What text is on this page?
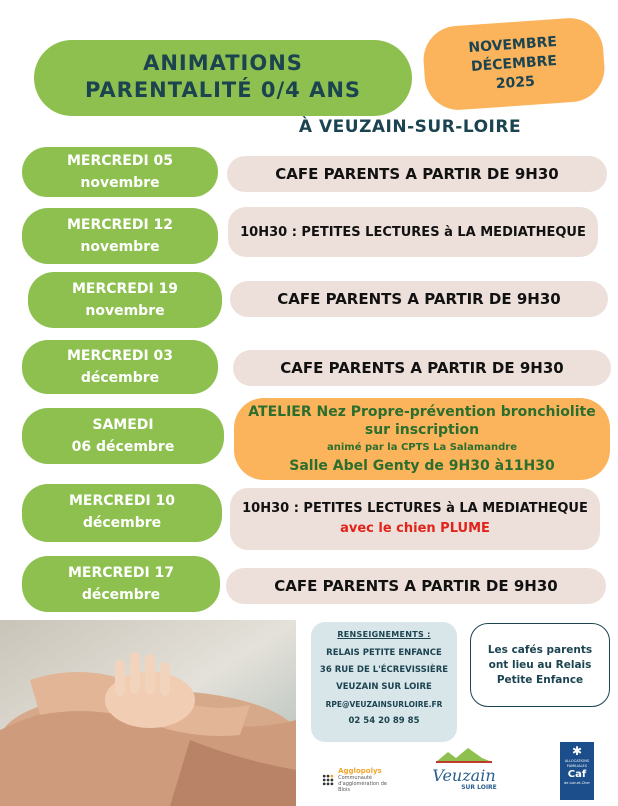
ANIMATIONS
PARENTALITÉ 0/4 ANS
NOVEMBRE
DÉCEMBRE
2025
À VEUZAIN-SUR-LOIRE
MERCREDI 05
novembre	CAFE PARENTS A PARTIR DE 9H30
MERCREDI 12
novembre
10H30 : PETITES LECTURES à LA MEDIATHEQUE
MERCREDI 19
novembre
CAFE PARENTS A PARTIR DE 9H30
MERCREDI 03
décembre
CAFE PARENTS A PARTIR DE 9H30
SAMEDI
06 décembre
ATELIER Nez Propre-prévention bronchiolite
sur inscription
animé par la CPTS La Salamandre
Salle Abel Genty de 9H30 à11H30
MERCREDI 10
décembre
10H30 : PETITES LECTURES à LA MEDIATHEQUE
avec le chien PLUME
MERCREDI 17
décembre	CAFE PARENTS A PARTIR DE 9H30
RENSEIGNEMENTS :
RELAIS PETITE ENFANCE
36 RUE DE L'ÉCREVISSIÈRE
VEUZAIN SUR LOIRE
RPE@VEUZAINSURLOIRE.FR
02 54 20 89 85
Les cafés parents ont lieu au Relais Petite Enfance
Agglopolys
Communauté d'agglomération de Blois
Veuzain
SUR LOIRE
✱
ALLOCATIONS FAMILIALES
Caf
de Loir-et-Cher
